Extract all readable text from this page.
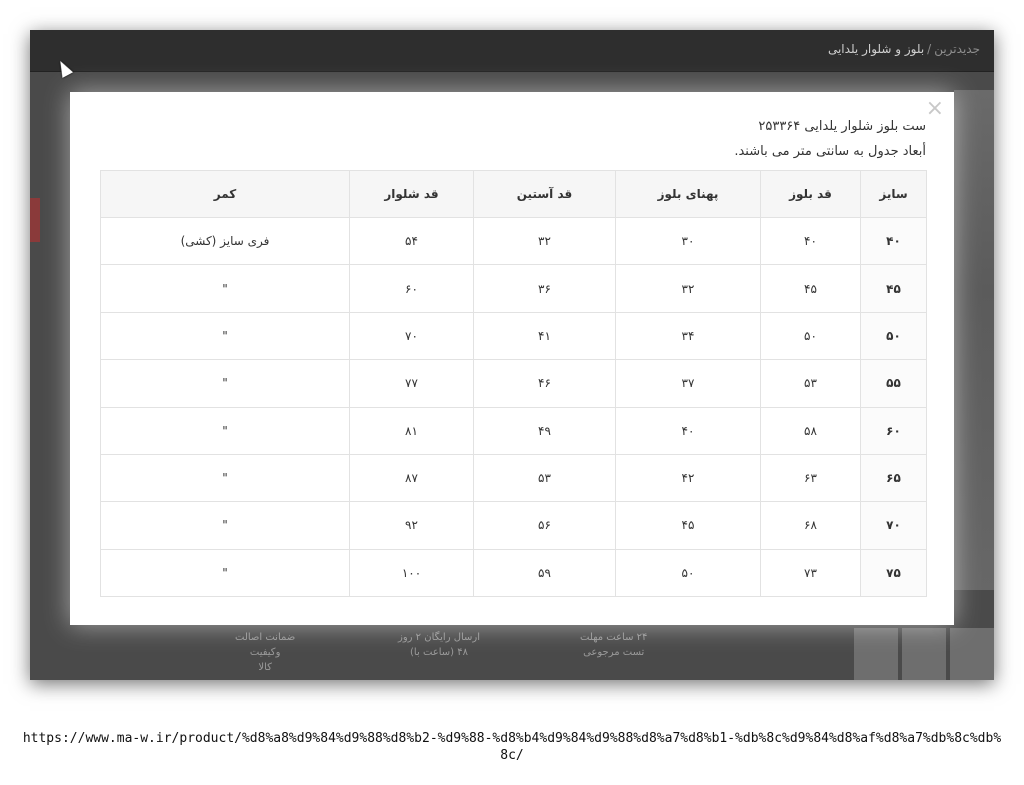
جدیدترین/بلوز و شلوار یلدایی
۲۴ ساعت مهلت
تست مرجوعی
ارسال رایگان ۲ روز
۴۸ (ساعت با)
ضمانت اصالت
وکیفیت
کالا
×
ست بلوز شلوار یلدایی ۲۵۳۳۶۴
أبعاد جدول به سانتی متر می باشند.
سایز	قد بلوز	پهنای بلوز	قد آستین	قد شلوار	کمر
۴۰	۴۰	۳۰	۳۲	۵۴	فری سایز (کشی)
۴۵	۴۵	۳۲	۳۶	۶۰	"
۵۰	۵۰	۳۴	۴۱	۷۰	"
۵۵	۵۳	۳۷	۴۶	۷۷	"
۶۰	۵۸	۴۰	۴۹	۸۱	"
۶۵	۶۳	۴۲	۵۳	۸۷	"
۷۰	۶۸	۴۵	۵۶	۹۲	"
۷۵	۷۳	۵۰	۵۹	۱۰۰	"
https://www.ma-w.ir/product/%d8%a8%d9%84%d9%88%d8%b2-%d9%88-%d8%b4%d9%84%d9%88%d8%a7%d8%b1-%db%8c%d9%84%d8%af%d8%a7%db%8c%db%8c/
